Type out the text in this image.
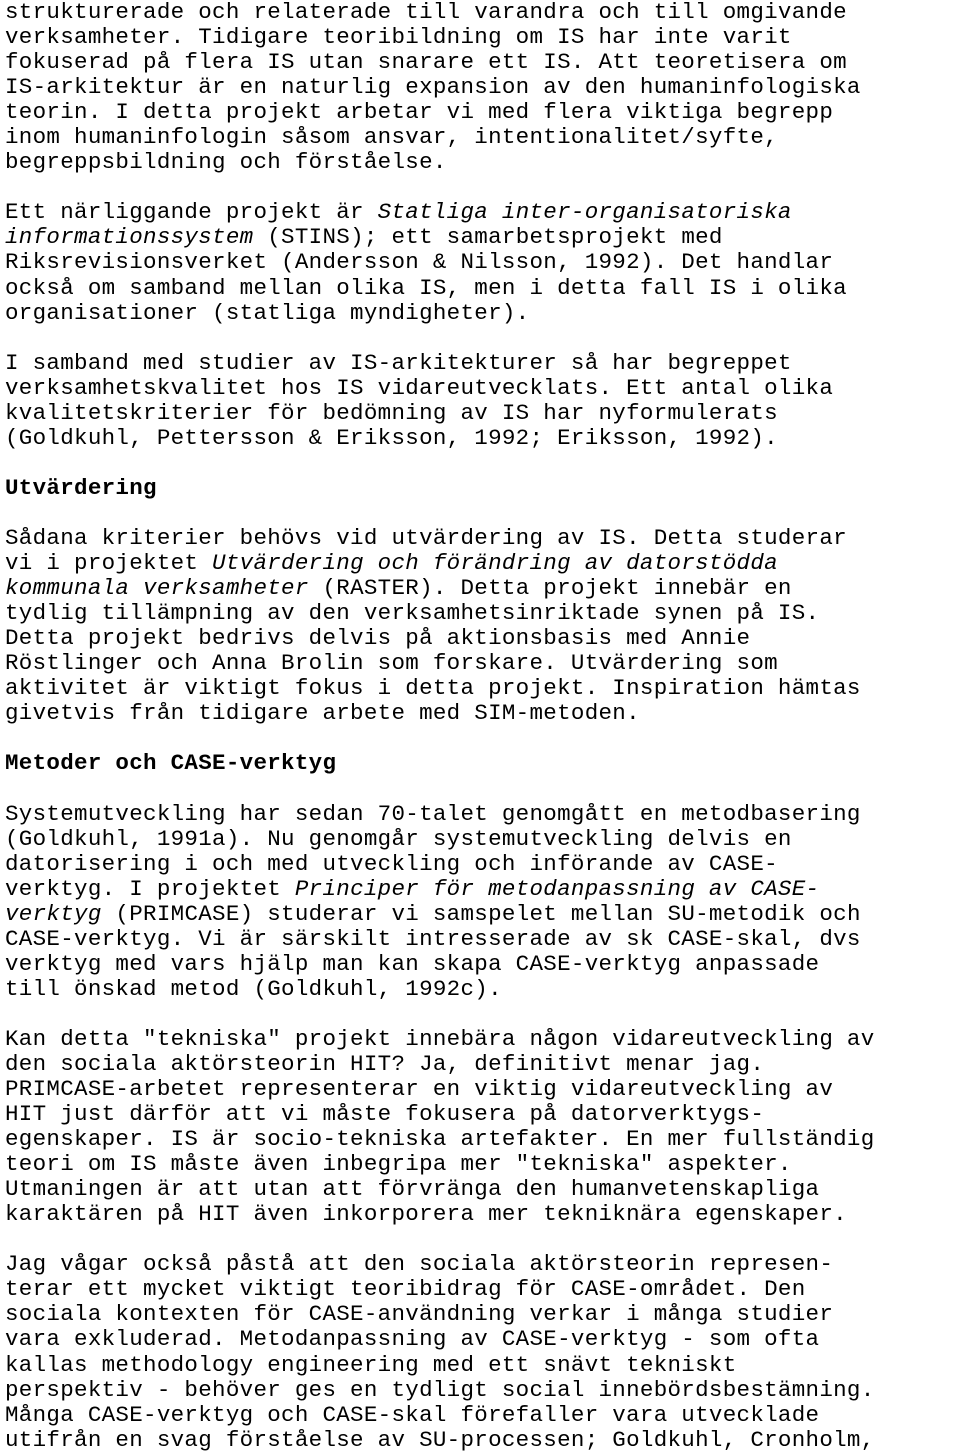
strukturerade och relaterade till varandra och till omgivande
verksamheter. Tidigare teoribildning om IS har inte varit
fokuserad på flera IS utan snarare ett IS. Att teoretisera om
IS-arkitektur är en naturlig expansion av den humaninfologiska
teorin. I detta projekt arbetar vi med flera viktiga begrepp
inom humaninfologin såsom ansvar, intentionalitet/syfte,
begreppsbildning och förståelse.
Ett närliggande projekt är Statliga inter-organisatoriska
informationssystem (STINS); ett samarbetsprojekt med
Riksrevisionsverket (Andersson & Nilsson, 1992). Det handlar
också om samband mellan olika IS, men i detta fall IS i olika
organisationer (statliga myndigheter).
I samband med studier av IS-arkitekturer så har begreppet
verksamhetskvalitet hos IS vidareutvecklats. Ett antal olika
kvalitetskriterier för bedömning av IS har nyformulerats
(Goldkuhl, Pettersson & Eriksson, 1992; Eriksson, 1992).
Utvärdering
Sådana kriterier behövs vid utvärdering av IS. Detta studerar
vi i projektet Utvärdering och förändring av datorstödda
kommunala verksamheter (RASTER). Detta projekt innebär en
tydlig tillämpning av den verksamhetsinriktade synen på IS.
Detta projekt bedrivs delvis på aktionsbasis med Annie
Röstlinger och Anna Brolin som forskare. Utvärdering som
aktivitet är viktigt fokus i detta projekt. Inspiration hämtas
givetvis från tidigare arbete med SIM-metoden.
Metoder och CASE-verktyg
Systemutveckling har sedan 70-talet genomgått en metodbasering
(Goldkuhl, 1991a). Nu genomgår systemutveckling delvis en
datorisering i och med utveckling och införande av CASE-
verktyg. I projektet Principer för metodanpassning av CASE-
verktyg (PRIMCASE) studerar vi samspelet mellan SU-metodik och
CASE-verktyg. Vi är särskilt intresserade av sk CASE-skal, dvs
verktyg med vars hjälp man kan skapa CASE-verktyg anpassade
till önskad metod (Goldkuhl, 1992c).
Kan detta "tekniska" projekt innebära någon vidareutveckling av
den sociala aktörsteorin HIT? Ja, definitivt menar jag.
PRIMCASE-arbetet representerar en viktig vidareutveckling av
HIT just därför att vi måste fokusera på datorverktygs-
egenskaper. IS är socio-tekniska artefakter. En mer fullständig
teori om IS måste även inbegripa mer "tekniska" aspekter.
Utmaningen är att utan att förvränga den humanvetenskapliga
karaktären på HIT även inkorporera mer tekniknära egenskaper.
Jag vågar också påstå att den sociala aktörsteorin represen-
terar ett mycket viktigt teoribidrag för CASE-området. Den
sociala kontexten för CASE-användning verkar i många studier
vara exkluderad. Metodanpassning av CASE-verktyg - som ofta
kallas methodology engineering med ett snävt tekniskt
perspektiv - behöver ges en tydligt social innebördsbestämning.
Många CASE-verktyg och CASE-skal förefaller vara utvecklade
utifrån en svag förståelse av SU-processen; Goldkuhl, Cronholm,
